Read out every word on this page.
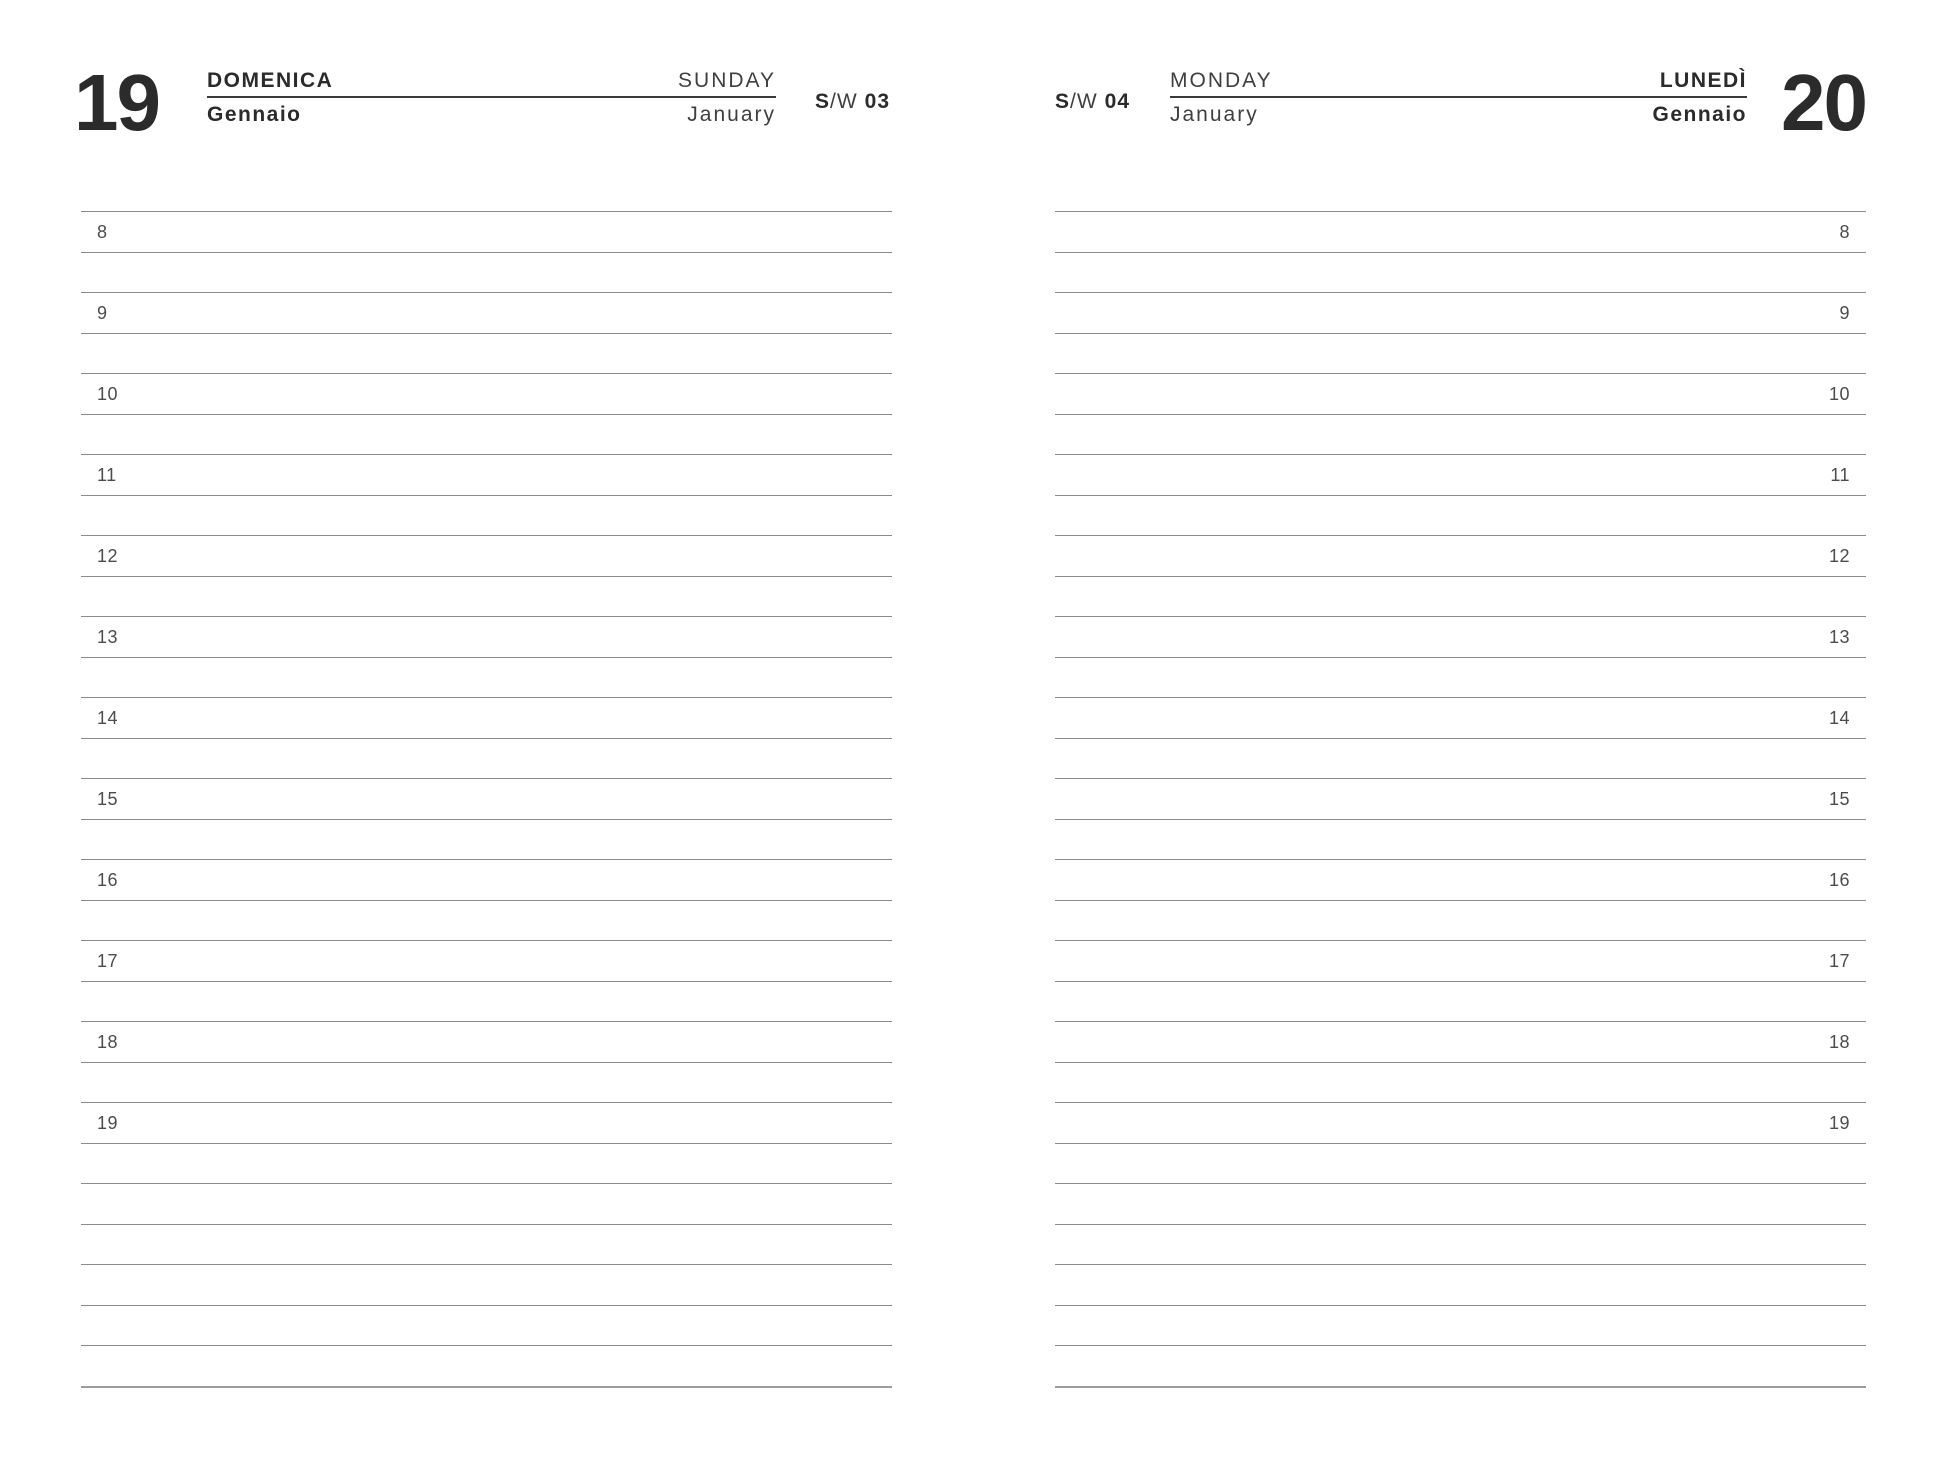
19 DOMENICA	SUNDAY
Gennaio	January
S/W 03
8
9
10
11
12
13
14
15
16
17
18
19
S/W 04
MONDAY	LUNEDÌ
January	Gennaio 20
8
9
10
11
12
13
14
15
16
17
18
19
